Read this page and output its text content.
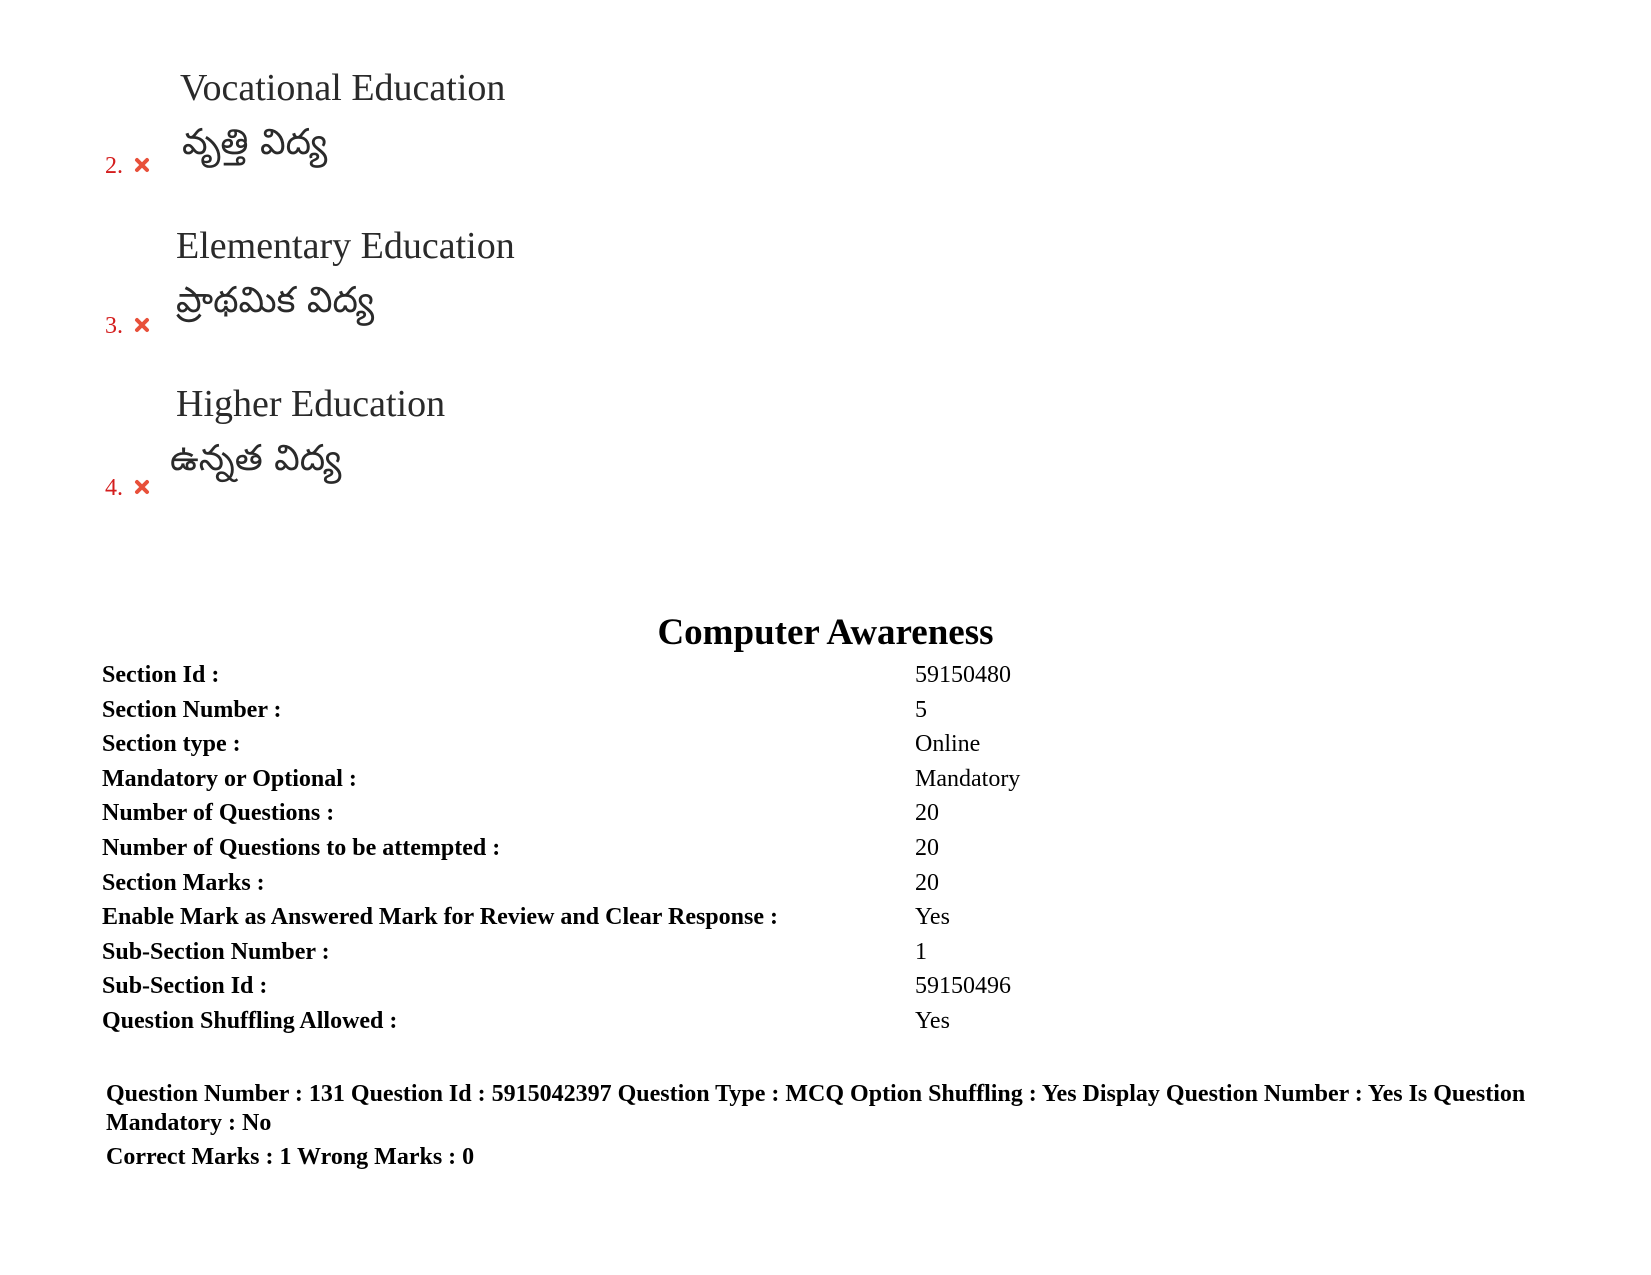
Vocational Education
వృత్తి విద్య
2.
Elementary Education
ప్రాథమిక విద్య
3.
Higher Education
ఉన్నత విద్య
4.
Computer Awareness
Section Id :	59150480
Section Number :	5
Section type :	Online
Mandatory or Optional :	Mandatory
Number of Questions :	20
Number of Questions to be attempted :	20
Section Marks :	20
Enable Mark as Answered Mark for Review and Clear Response :	Yes
Sub-Section Number :	1
Sub-Section Id :	59150496
Question Shuffling Allowed :	Yes
Question Number : 131 Question Id : 5915042397 Question Type : MCQ Option Shuffling : Yes Display Question Number : Yes Is Question Mandatory : No
Correct Marks : 1 Wrong Marks : 0
